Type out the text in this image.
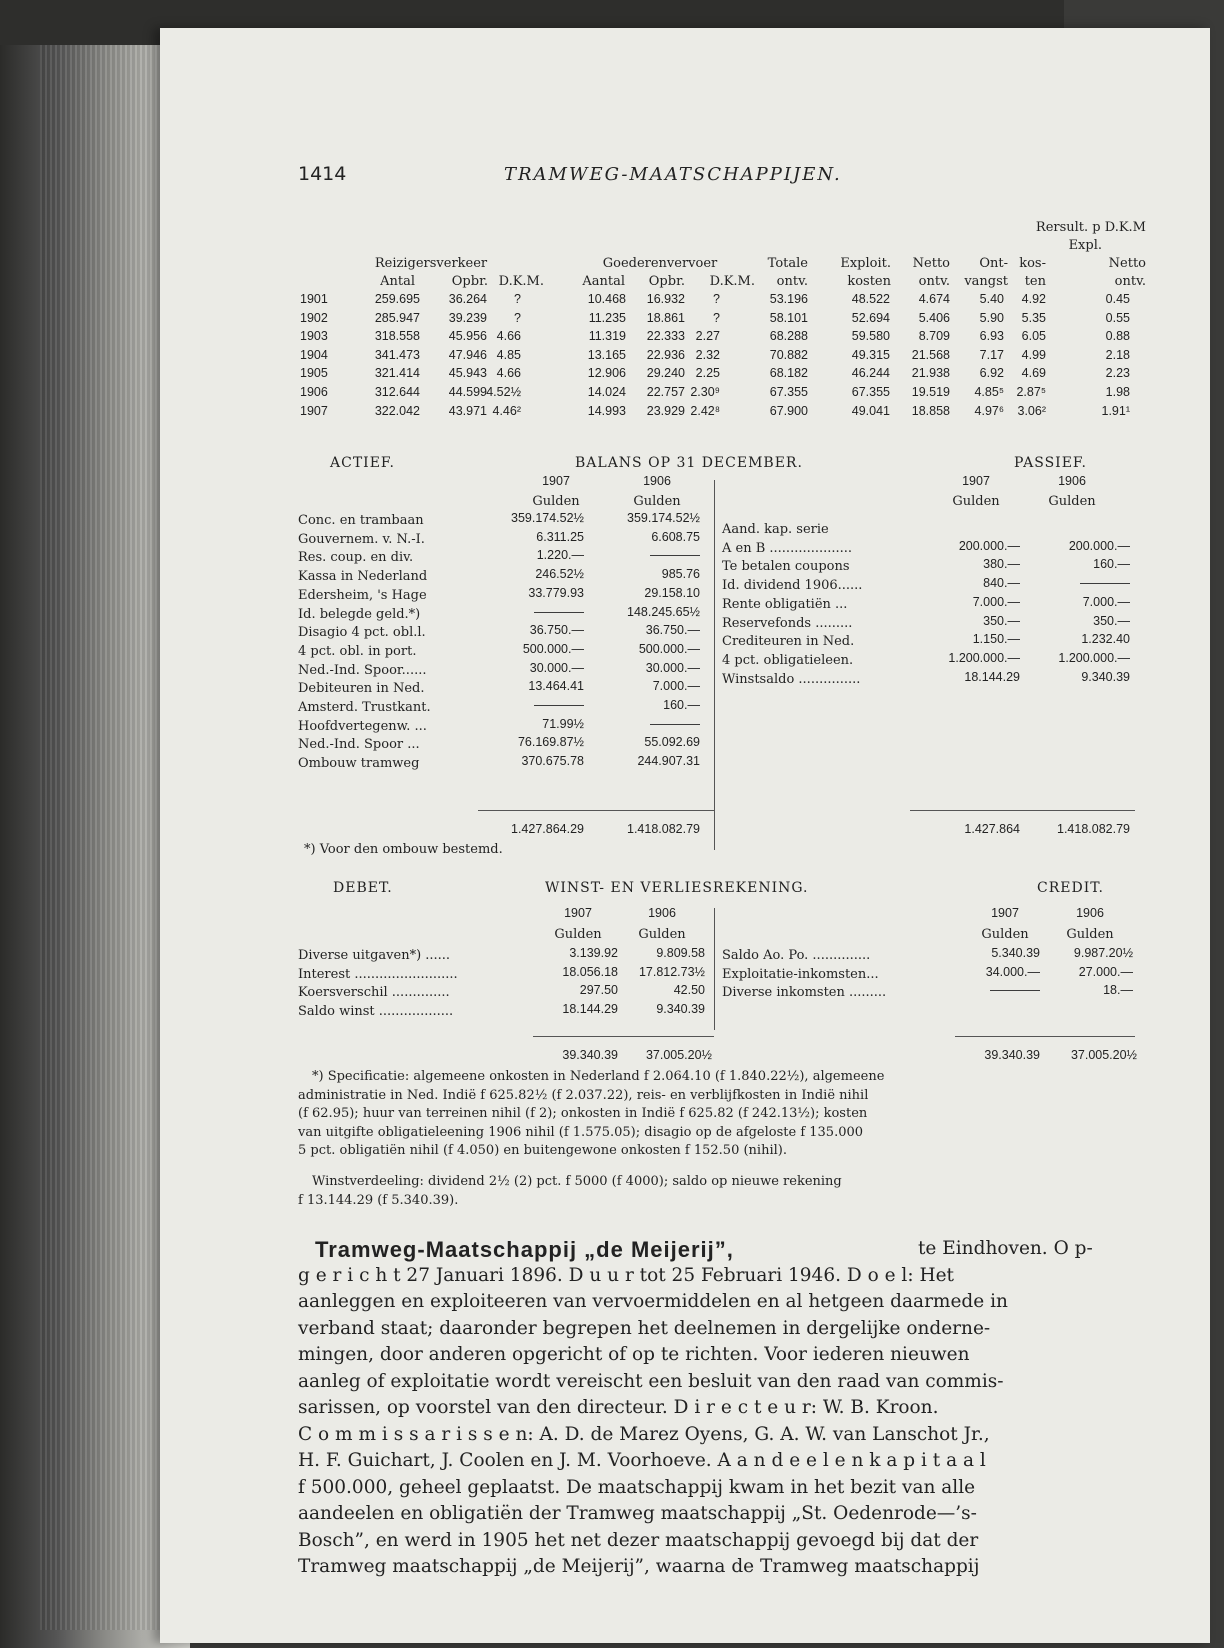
1414	TRAMWEG-MAATSCHAPPIJEN.
Rersult. p D.K.M
Expl.
Reizigersverkeer	Goederenvervoer	Totale	Exploit.	Netto	Ont- kos-	Netto
Antal	Opbr. D.K.M.	Aantal	Opbr.	D.K.M.	ontv.	kosten	ontv.	vangst	ten	ontv.
1901	259.695	36.264	?	10.468	16.932	?	53.196	48.522	4.674	5.40	4.92	0.45
1902	285.947	39.239	?	11.235	18.861	?	58.101	52.694	5.406	5.90	5.35	0.55
1903	318.558	45.956 4.66	11.319	22.333 2.27	68.288	59.580	8.709	6.93	6.05	0.88
1904	341.473	47.946 4.85	13.165	22.936 2.32	70.882	49.315	21.568	7.17	4.99	2.18
1905	321.414	45.943 4.66	12.906	29.240 2.25	68.182	46.244	21.938	6.92	4.69	2.23
1906	312.644	44.599 4.52½	14.024	22.757 2.30⁹	67.355	67.355	19.519	4.85⁵ 2.87⁵	1.98
1907	322.042	43.971 4.46²	14.993	23.929 2.42⁸	67.900	49.041	18.858	4.97⁶	3.06²	1.91¹
ACTIEF.	BALANS OP 31 DECEMBER.	PASSIEF.
1907	1906
Gulden	Gulden
1907	1906
Gulden	Gulden
Conc. en trambaan	359.174.52½	359.174.52½
Gouvernem. v. N.-I.	6.311.25	6.608.75
Res. coup. en div.	1.220.—	————
Kassa in Nederland	246.52½	985.76
Edersheim, 's Hage	33.779.93	29.158.10
Id. belegde geld.*)	————	148.245.65½
Disagio 4 pct. obl.l.	36.750.—	36.750.—
4 pct. obl. in port.	500.000.—	500.000.—
Ned.-Ind. Spoor......	30.000.—	30.000.—
Debiteuren in Ned.	13.464.41	7.000.—
Amsterd. Trustkant.	————	160.—
Hoofdvertegenw. ...	71.99½	————
Ned.-Ind. Spoor ...	76.169.87½	55.092.69
Ombouw tramweg	370.675.78	244.907.31
Aand. kap. serie
A en B ....................	200.000.—	200.000.—
Te betalen coupons	380.—	160.—
Id. dividend 1906......	840.—	————
Rente obligatiën ...	7.000.—	7.000.—
Reservefonds .........	350.—	350.—
Crediteuren in Ned.	1.150.—	1.232.40
4 pct. obligatieleen.	1.200.000.—	1.200.000.—
Winstsaldo ...............	18.144.29	9.340.39
1.427.864.29	1.418.082.79	1.427.864	1.418.082.79
*) Voor den ombouw bestemd.
DEBET.	WINST- EN VERLIESREKENING.	CREDIT.
1907	1906
Gulden	Gulden
1907	1906
Gulden	Gulden
Diverse uitgaven*) ......	3.139.92	9.809.58
Interest .........................	18.056.18	17.812.73½
Koersverschil ..............	297.50	42.50
Saldo winst ..................	18.144.29	9.340.39
Saldo Ao. Po. ..............	5.340.39	9.987.20½
Exploitatie-inkomsten...	34.000.—	27.000.—
Diverse inkomsten .........	————	18.—
39.340.39	37.005.20½	39.340.39	37.005.20½
*) Specificatie: algemeene onkosten in Nederland f 2.064.10 (f 1.840.22½), algemeene
administratie in Ned. Indië f 625.82½ (f 2.037.22), reis- en verblijfkosten in Indië nihil
(f 62.95); huur van terreinen nihil (f 2); onkosten in Indië f 625.82 (f 242.13½); kosten
van uitgifte obligatieleening 1906 nihil (f 1.575.05); disagio op de afgeloste f 135.000
5 pct. obligatiën nihil (f 4.050) en buitengewone onkosten f 152.50 (nihil).
Winstverdeeling: dividend 2½ (2) pct. f 5000 (f 4000); saldo op nieuwe rekening
f 13.144.29 (f 5.340.39).
Tramweg-Maatschappij „de Meijerij”,	te Eindhoven. O p-
g e r i c h t 27 Januari 1896. D u u r tot 25 Februari 1946. D o e l: Het
aanleggen en exploiteeren van vervoermiddelen en al hetgeen daarmede in
verband staat; daaronder begrepen het deelnemen in dergelijke onderne-
mingen, door anderen opgericht of op te richten. Voor iederen nieuwen
aanleg of exploitatie wordt vereischt een besluit van den raad van commis-
sarissen, op voorstel van den directeur. D i r e c t e u r: W. B. Kroon.
C o m m i s s a r i s s e n: A. D. de Marez Oyens, G. A. W. van Lanschot Jr.,
H. F. Guichart, J. Coolen en J. M. Voorhoeve. A a n d e e l e n k a p i t a a l
f 500.000, geheel geplaatst. De maatschappij kwam in het bezit van alle
aandeelen en obligatiën der Tramweg maatschappij „St. Oedenrode—’s-
Bosch”, en werd in 1905 het net dezer maatschappij gevoegd bij dat der
Tramweg maatschappij „de Meijerij”, waarna de Tramweg maatschappij
